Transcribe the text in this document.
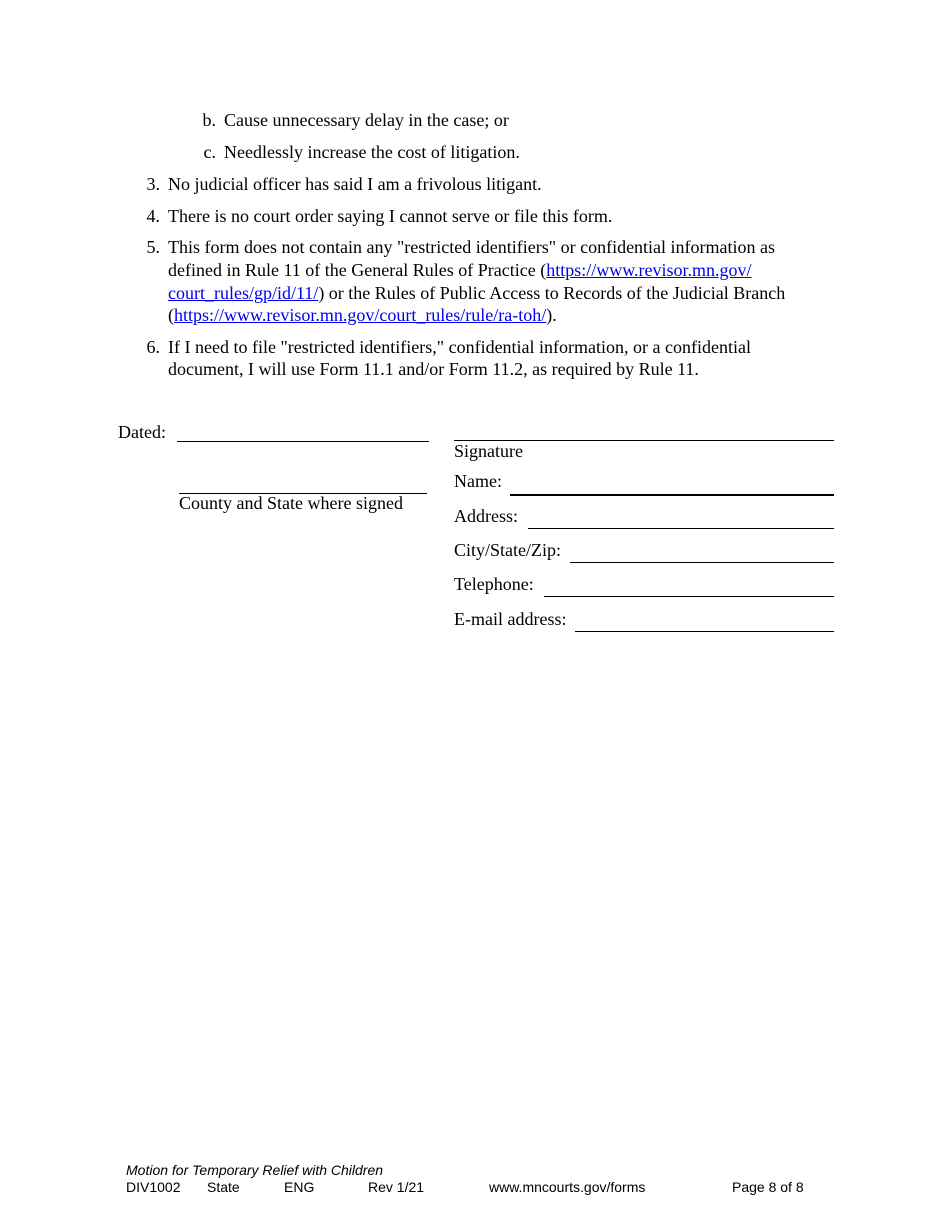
b. Cause unnecessary delay in the case; or
c. Needlessly increase the cost of litigation.
3. No judicial officer has said I am a frivolous litigant.
4. There is no court order saying I cannot serve or file this form.
5. This form does not contain any "restricted identifiers" or confidential information as
defined in Rule 11 of the General Rules of Practice (https://www.revisor.mn.gov/
court_rules/gp/id/11/) or the Rules of Public Access to Records of the Judicial Branch
(https://www.revisor.mn.gov/court_rules/rule/ra-toh/).
6. If I need to file "restricted identifiers," confidential information, or a confidential
document, I will use Form 11.1 and/or Form 11.2, as required by Rule 11.
Dated:
County and State where signed
Signature
Name:
Address:
City/State/Zip:
Telephone:
E-mail address:
Motion for Temporary Relief with Children
DIV1002 State	ENG	Rev 1/21	www.mncourts.gov/forms	Page 8 of 8
